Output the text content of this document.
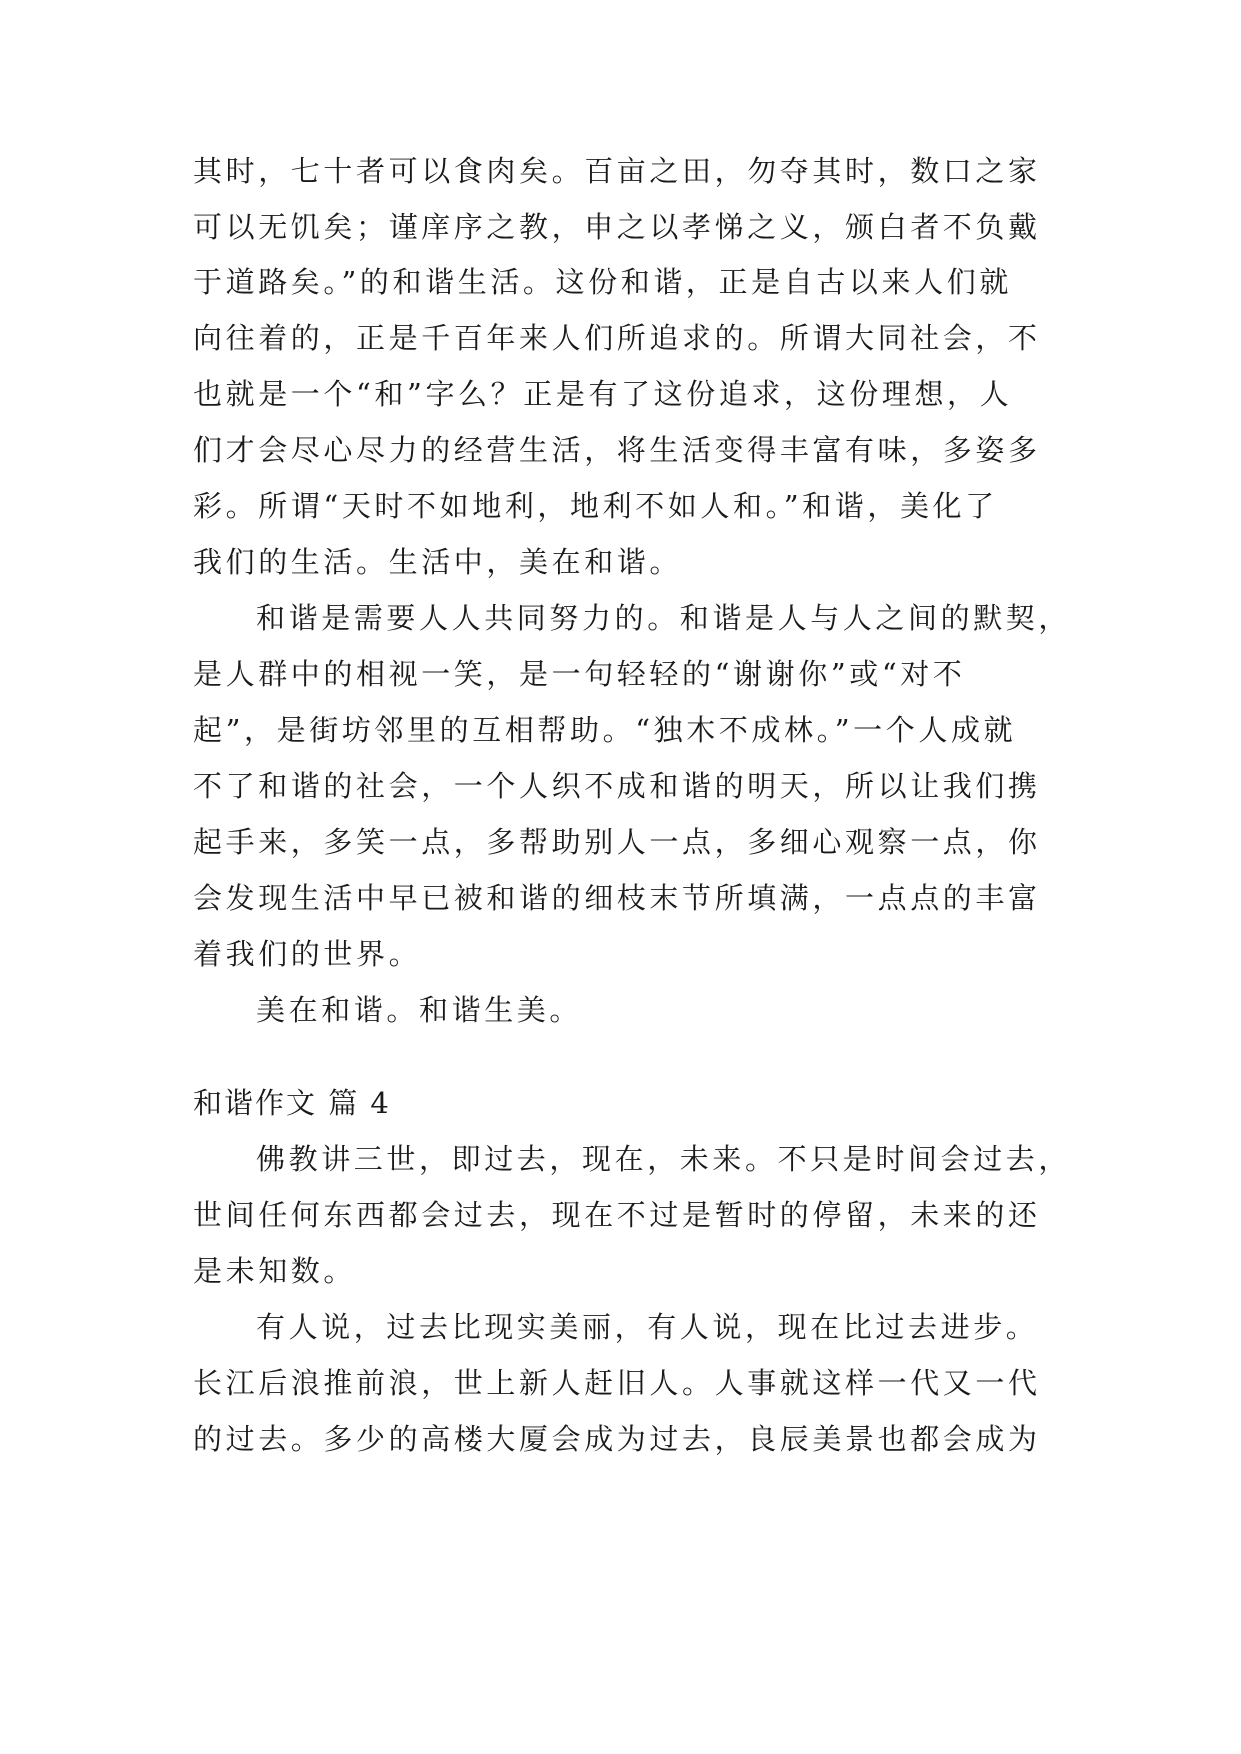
其时，七十者可以食肉矣。百亩之田，勿夺其时，数口之家
可以无饥矣；谨庠序之教，申之以孝悌之义，颁白者不负戴
于道路矣。”的和谐生活。这份和谐，正是自古以来人们就
向往着的，正是千百年来人们所追求的。所谓大同社会，不
也就是一个“和”字么？正是有了这份追求，这份理想，人
们才会尽心尽力的经营生活，将生活变得丰富有味，多姿多
彩。所谓“天时不如地利，地利不如人和。”和谐，美化了
我们的生活。生活中，美在和谐。
和谐是需要人人共同努力的。和谐是人与人之间的默契，
是人群中的相视一笑，是一句轻轻的“谢谢你”或“对不
起”，是街坊邻里的互相帮助。“独木不成林。”一个人成就
不了和谐的社会，一个人织不成和谐的明天，所以让我们携
起手来，多笑一点，多帮助别人一点，多细心观察一点，你
会发现生活中早已被和谐的细枝末节所填满，一点点的丰富
着我们的世界。
美在和谐。和谐生美。
和谐作文 篇 4
佛教讲三世，即过去，现在，未来。不只是时间会过去，
世间任何东西都会过去，现在不过是暂时的停留，未来的还
是未知数。
有人说，过去比现实美丽，有人说，现在比过去进步。
长江后浪推前浪，世上新人赶旧人。人事就这样一代又一代
的过去。多少的高楼大厦会成为过去，良辰美景也都会成为
